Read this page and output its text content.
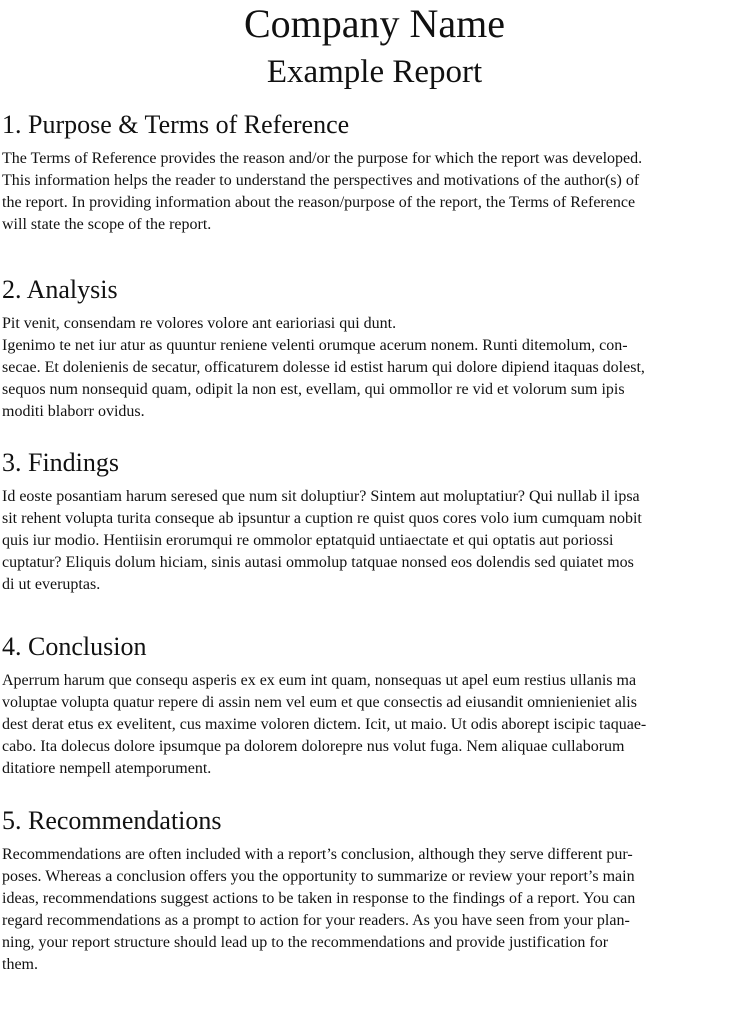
Company Name
Example Report
1. Purpose & Terms of Reference

The Terms of Reference provides the reason and/or the purpose for which the report was developed.
This information helps the reader to understand the perspectives and motivations of the author(s) of
the report. In providing information about the reason/purpose of the report, the Terms of Reference
will state the scope of the report.

2. Analysis

Pit venit, consendam re volores volore ant earioriasi qui dunt.
Igenimo te net iur atur as quuntur reniene velenti orumque acerum nonem. Runti ditemolum, con-
secae. Et dolenienis de secatur, officaturem dolesse id estist harum qui dolore dipiend itaquas dolest,
sequos num nonsequid quam, odipit la non est, evellam, qui ommollor re vid et volorum sum ipis
moditi blaborr ovidus.

3. Findings

Id eoste posantiam harum seresed que num sit doluptiur? Sintem aut moluptatiur? Qui nullab il ipsa
sit rehent volupta turita conseque ab ipsuntur a cuption re quist quos cores volo ium cumquam nobit
quis iur modio. Hentiisin erorumqui re ommolor eptatquid untiaectate et qui optatis aut poriossi
cuptatur? Eliquis dolum hiciam, sinis autasi ommolup tatquae nonsed eos dolendis sed quiatet mos
di ut everuptas.

4. Conclusion

Aperrum harum que consequ asperis ex ex eum int quam, nonsequas ut apel eum restius ullanis ma
voluptae volupta quatur repere di assin nem vel eum et que consectis ad eiusandit omnienieniet alis
dest derat etus ex evelitent, cus maxime voloren dictem. Icit, ut maio. Ut odis aborept iscipic taquae-
cabo. Ita dolecus dolore ipsumque pa dolorem dolorepre nus volut fuga. Nem aliquae cullaborum
ditatiore nempell atemporument.

5. Recommendations

Recommendations are often included with a report’s conclusion, although they serve different pur-
poses. Whereas a conclusion offers you the opportunity to summarize or review your report’s main
ideas, recommendations suggest actions to be taken in response to the findings of a report. You can
regard recommendations as a prompt to action for your readers. As you have seen from your plan-
ning, your report structure should lead up to the recommendations and provide justification for
them.
